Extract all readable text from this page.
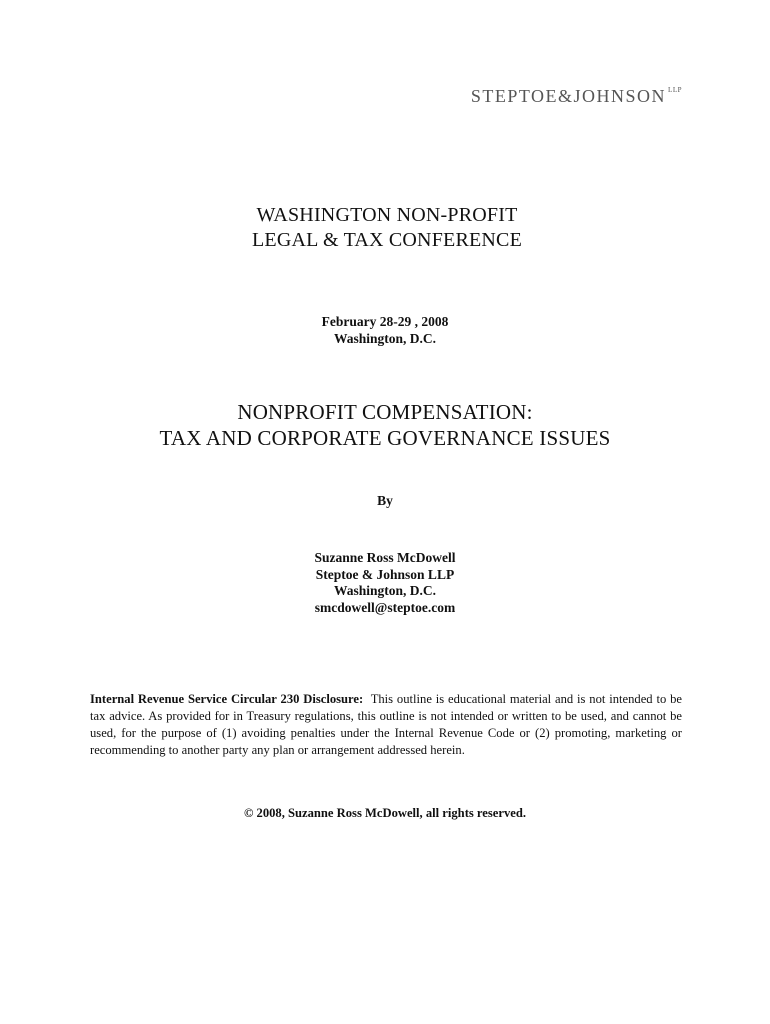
STEPTOE&JOHNSON $^{LLP}$
WASHINGTON NON-PROFIT
LEGAL & TAX CONFERENCE
February 28-29 , 2008
Washington, D.C.
NONPROFIT COMPENSATION:
TAX AND CORPORATE GOVERNANCE ISSUES
By
Suzanne Ross McDowell
Steptoe & Johnson LLP
Washington, D.C.
smcdowell@steptoe.com
Internal Revenue Service Circular 230 Disclosure: This outline is educational material and is not intended to be tax advice. As provided for in Treasury regulations, this outline is not intended or written to be used, and cannot be used, for the purpose of (1) avoiding penalties under the Internal Revenue Code or (2) promoting, marketing or recommending to another party any plan or arrangement addressed herein.
© 2008, Suzanne Ross McDowell, all rights reserved.
